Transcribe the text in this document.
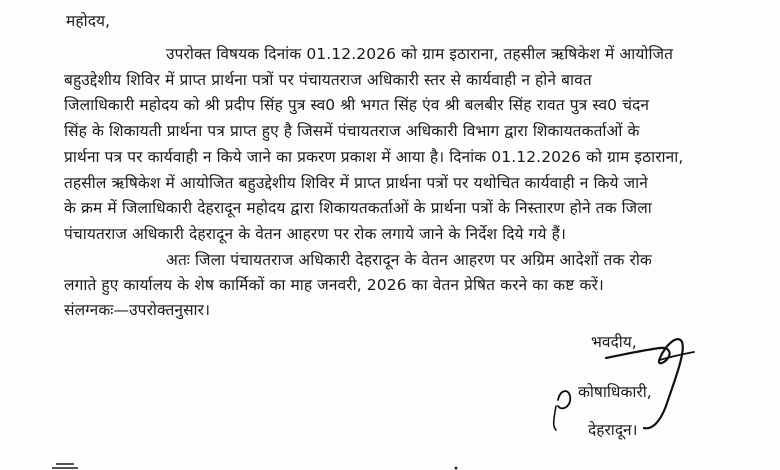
महोदय,
उपरोक्त विषयक दिनांक 01.12.2026 को ग्राम इठाराना, तहसील ऋषिकेश में आयोजित
बहुउद्देशीय शिविर में प्राप्त प्रार्थना पत्रों पर पंचायतराज अधिकारी स्तर से कार्यवाही न होने बावत
जिलाधिकारी महोदय को श्री प्रदीप सिंह पुत्र स्व0 श्री भगत सिंह एंव श्री बलबीर सिंह रावत पुत्र स्व0 चंदन
सिंह के शिकायती प्रार्थना पत्र प्राप्त हुए है जिसमें पंचायतराज अधिकारी विभाग द्वारा शिकायतकर्ताओं के
प्रार्थना पत्र पर कार्यवाही न किये जाने का प्रकरण प्रकाश में आया है। दिनांक 01.12.2026 को ग्राम इठाराना,
तहसील ऋषिकेश में आयोजित बहुउद्देशीय शिविर में प्राप्त प्रार्थना पत्रों पर यथोचित कार्यवाही न किये जाने
के क्रम में जिलाधिकारी देहरादून महोदय द्वारा शिकायतकर्ताओं के प्रार्थना पत्रों के निस्तारण होने तक जिला
पंचायतराज अधिकारी देहरादून के वेतन आहरण पर रोक लगाये जाने के निर्देश दिये गये हैं।
अतः जिला पंचायतराज अधिकारी देहरादून के वेतन आहरण पर अग्रिम आदेशों तक रोक
लगाते हुए कार्यालय के शेष कार्मिकों का माह जनवरी, 2026 का वेतन प्रेषित करने का कष्ट करें।
संलग्नकः—उपरोक्तनुसार।
भवदीय,
कोषाधिकारी,
देहरादून।
